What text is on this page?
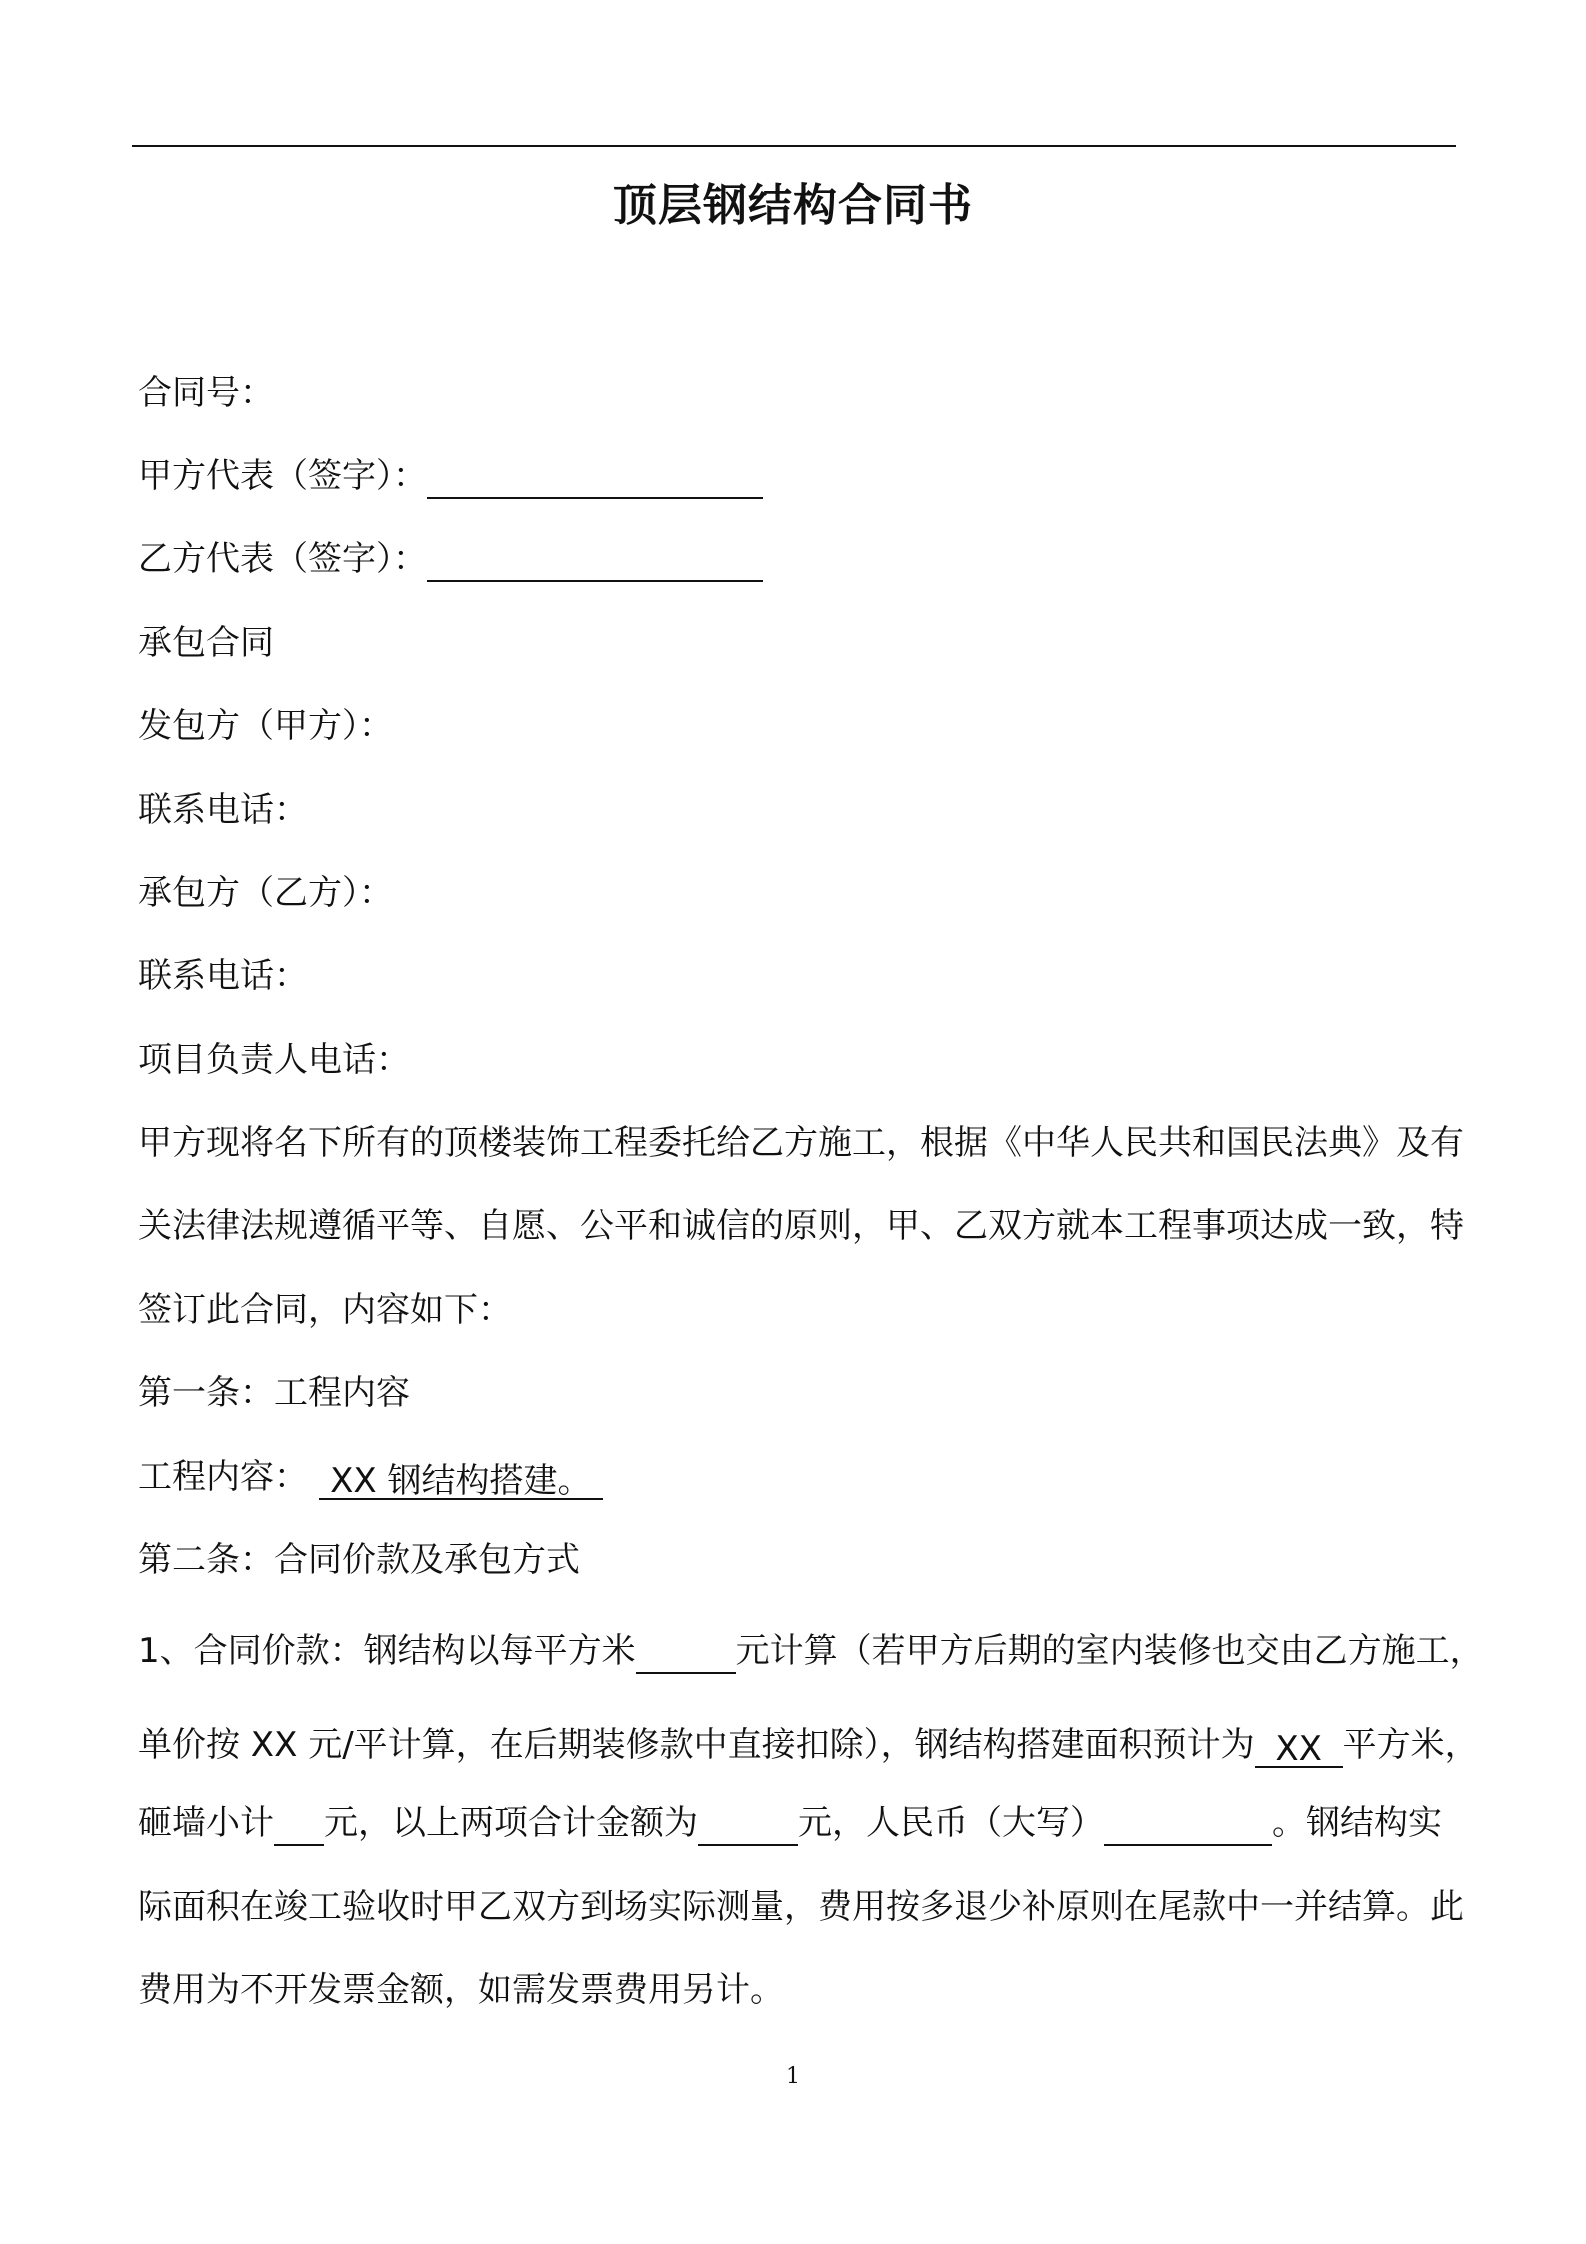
顶层钢结构合同书
合同号：
甲方代表（签字）：
乙方代表（签字）：
承包合同
发包方（甲方）：
联系电话：
承包方（乙方）：
联系电话：
项目负责人电话：
甲方现将名下所有的顶楼装饰工程委托给乙方施工，根据《中华人民共和国民法典》及有
关法律法规遵循平等、自愿、公平和诚信的原则，甲、乙双方就本工程事项达成一致，特
签订此合同，内容如下：
第一条：工程内容
工程内容： XX 钢结构搭建。
第二条：合同价款及承包方式
1、合同价款：钢结构以每平方米	元计算（若甲方后期的室内装修也交由乙方施工，
单价按 XX 元/平计算，在后期装修款中直接扣除），钢结构搭建面积预计为 XX 平方米，
砸墙小计 元，以上两项合计金额为	元，人民币（大写）	。钢结构实
际面积在竣工验收时甲乙双方到场实际测量，费用按多退少补原则在尾款中一并结算。此
费用为不开发票金额，如需发票费用另计。
1
